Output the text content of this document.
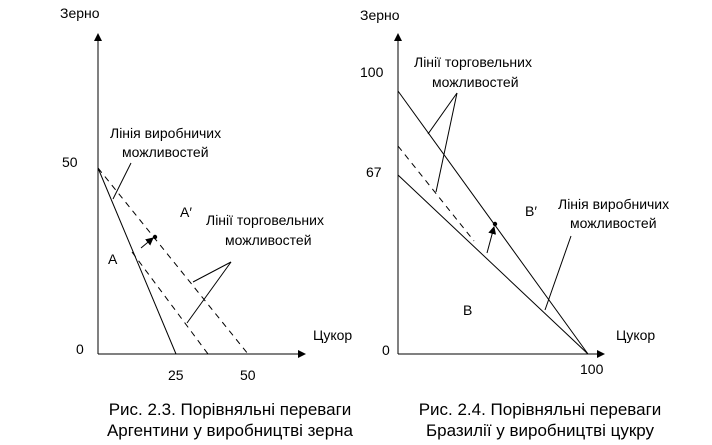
Зерно
Цукор
0
50
25	50
A
A′
Лінія виробничих можливостей
Лінії торговельних можливостей
Зерно
Цукор
0
100
67
100
B
B′
Лінії торговельних можливостей
Лінія виробничих можливостей
Рис. 2.3. Порівняльні переваги
Аргентини у виробництві зерна
Рис. 2.4. Порівняльні переваги
Бразилії у виробництві цукру
